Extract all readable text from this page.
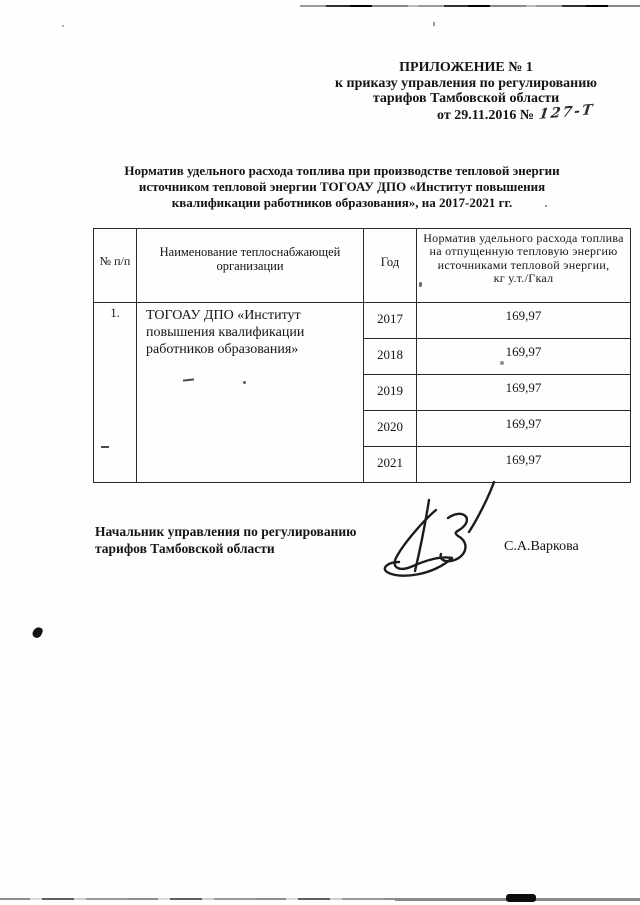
ПРИЛОЖЕНИЕ № 1
к приказу управления по регулированию
тарифов Тамбовской области
от 29.11.2016 № 127-Т
Норматив удельного расхода топлива при производстве тепловой энергии
источником тепловой энергии ТОГОАУ ДПО «Институт повышения
квалификации работников образования», на 2017-2021 гг.
№ п/п	Наименование теплоснабжающей организации	Год	Норматив удельного расхода топлива на отпущенную тепловую энергию источниками тепловой энергии,
кг у.т./Гкал

1.	ТОГОАУ ДПО «Институт повышения квалификации работников образования»	2017	169,97
		2018	169,97
		2019	169,97
		2020	169,97
		2021	169,97
Начальник управления по регулированию
тарифов Тамбовской области	С.А.Варкова
